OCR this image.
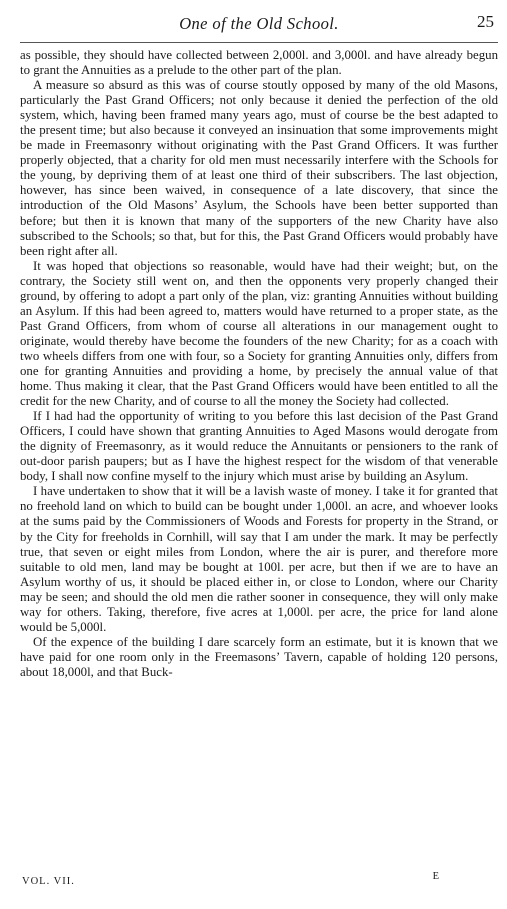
One of the Old School.	25

as possible, they should have collected between 2,000l. and 3,000l. and have already begun to grant the Annuities as a prelude to the other part of the plan.

A measure so absurd as this was of course stoutly opposed by many of the old Masons, particularly the Past Grand Officers; not only because it denied the perfection of the old system, which, having been framed many years ago, must of course be the best adapted to the present time; but also because it conveyed an insinuation that some improvements might be made in Freemasonry without originating with the Past Grand Officers. It was further properly objected, that a charity for old men must necessarily interfere with the Schools for the young, by depriving them of at least one third of their subscribers. The last objection, however, has since been waived, in consequence of a late discovery, that since the introduction of the Old Masons’ Asylum, the Schools have been better supported than before; but then it is known that many of the supporters of the new Charity have also subscribed to the Schools; so that, but for this, the Past Grand Officers would probably have been right after all.

It was hoped that objections so reasonable, would have had their weight; but, on the contrary, the Society still went on, and then the opponents very properly changed their ground, by offering to adopt a part only of the plan, viz: granting Annuities without building an Asylum. If this had been agreed to, matters would have returned to a proper state, as the Past Grand Officers, from whom of course all alterations in our management ought to originate, would thereby have become the founders of the new Charity; for as a coach with two wheels differs from one with four, so a Society for granting Annuities only, differs from one for granting Annuities and providing a home, by precisely the annual value of that home. Thus making it clear, that the Past Grand Officers would have been entitled to all the credit for the new Charity, and of course to all the money the Society had collected.

If I had had the opportunity of writing to you before this last decision of the Past Grand Officers, I could have shown that granting Annuities to Aged Masons would derogate from the dignity of Freemasonry, as it would reduce the Annuitants or pensioners to the rank of out-door parish paupers; but as I have the highest respect for the wisdom of that venerable body, I shall now confine myself to the injury which must arise by building an Asylum.

I have undertaken to show that it will be a lavish waste of money. I take it for granted that no freehold land on which to build can be bought under 1,000l. an acre, and whoever looks at the sums paid by the Commissioners of Woods and Forests for property in the Strand, or by the City for freeholds in Cornhill, will say that I am under the mark. It may be perfectly true, that seven or eight miles from London, where the air is purer, and therefore more suitable to old men, land may be bought at 100l. per acre, but then if we are to have an Asylum worthy of us, it should be placed either in, or close to London, where our Charity may be seen; and should the old men die rather sooner in consequence, they will only make way for others. Taking, therefore, five acres at 1,000l. per acre, the price for land alone would be 5,000l.

Of the expence of the building I dare scarcely form an estimate, but it is known that we have paid for one room only in the Freemasons’ Tavern, capable of holding 120 persons, about 18,000l, and that Buck-

VOL. VII.	E
